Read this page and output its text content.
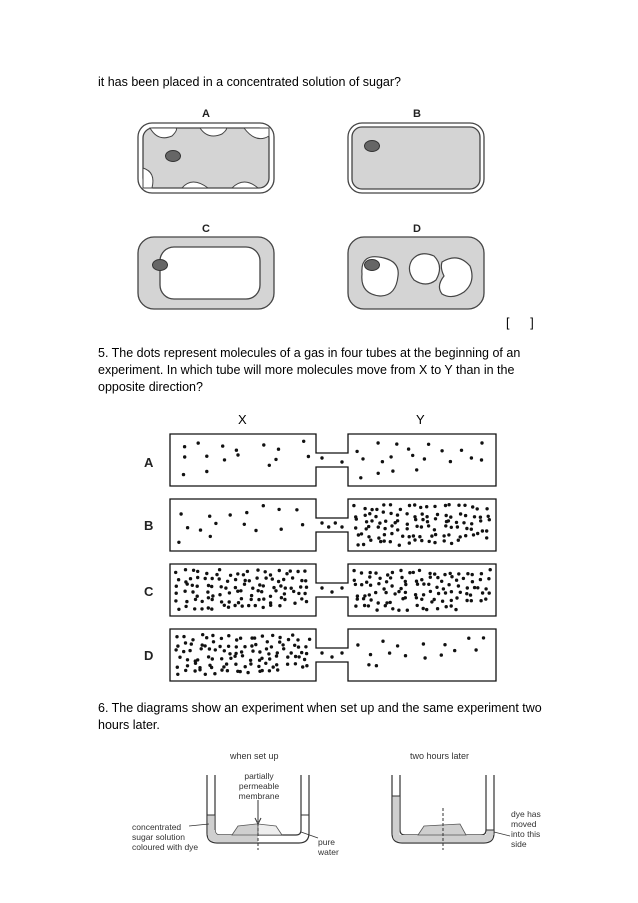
it has been placed in a concentrated solution of sugar?
A	B
C	D
[      ]
5. The dots represent molecules of a gas in four tubes at the beginning of an experiment. In which tube will more molecules move from X to Y than in the opposite direction?
X	Y
A
B
C
D
6. The diagrams show an experiment when set up and the same experiment two hours later.
when set up	two hours later
partially
permeable
membrane
concentrated
sugar solution
coloured with dye	pure
water
dye has
moved
into this
side
